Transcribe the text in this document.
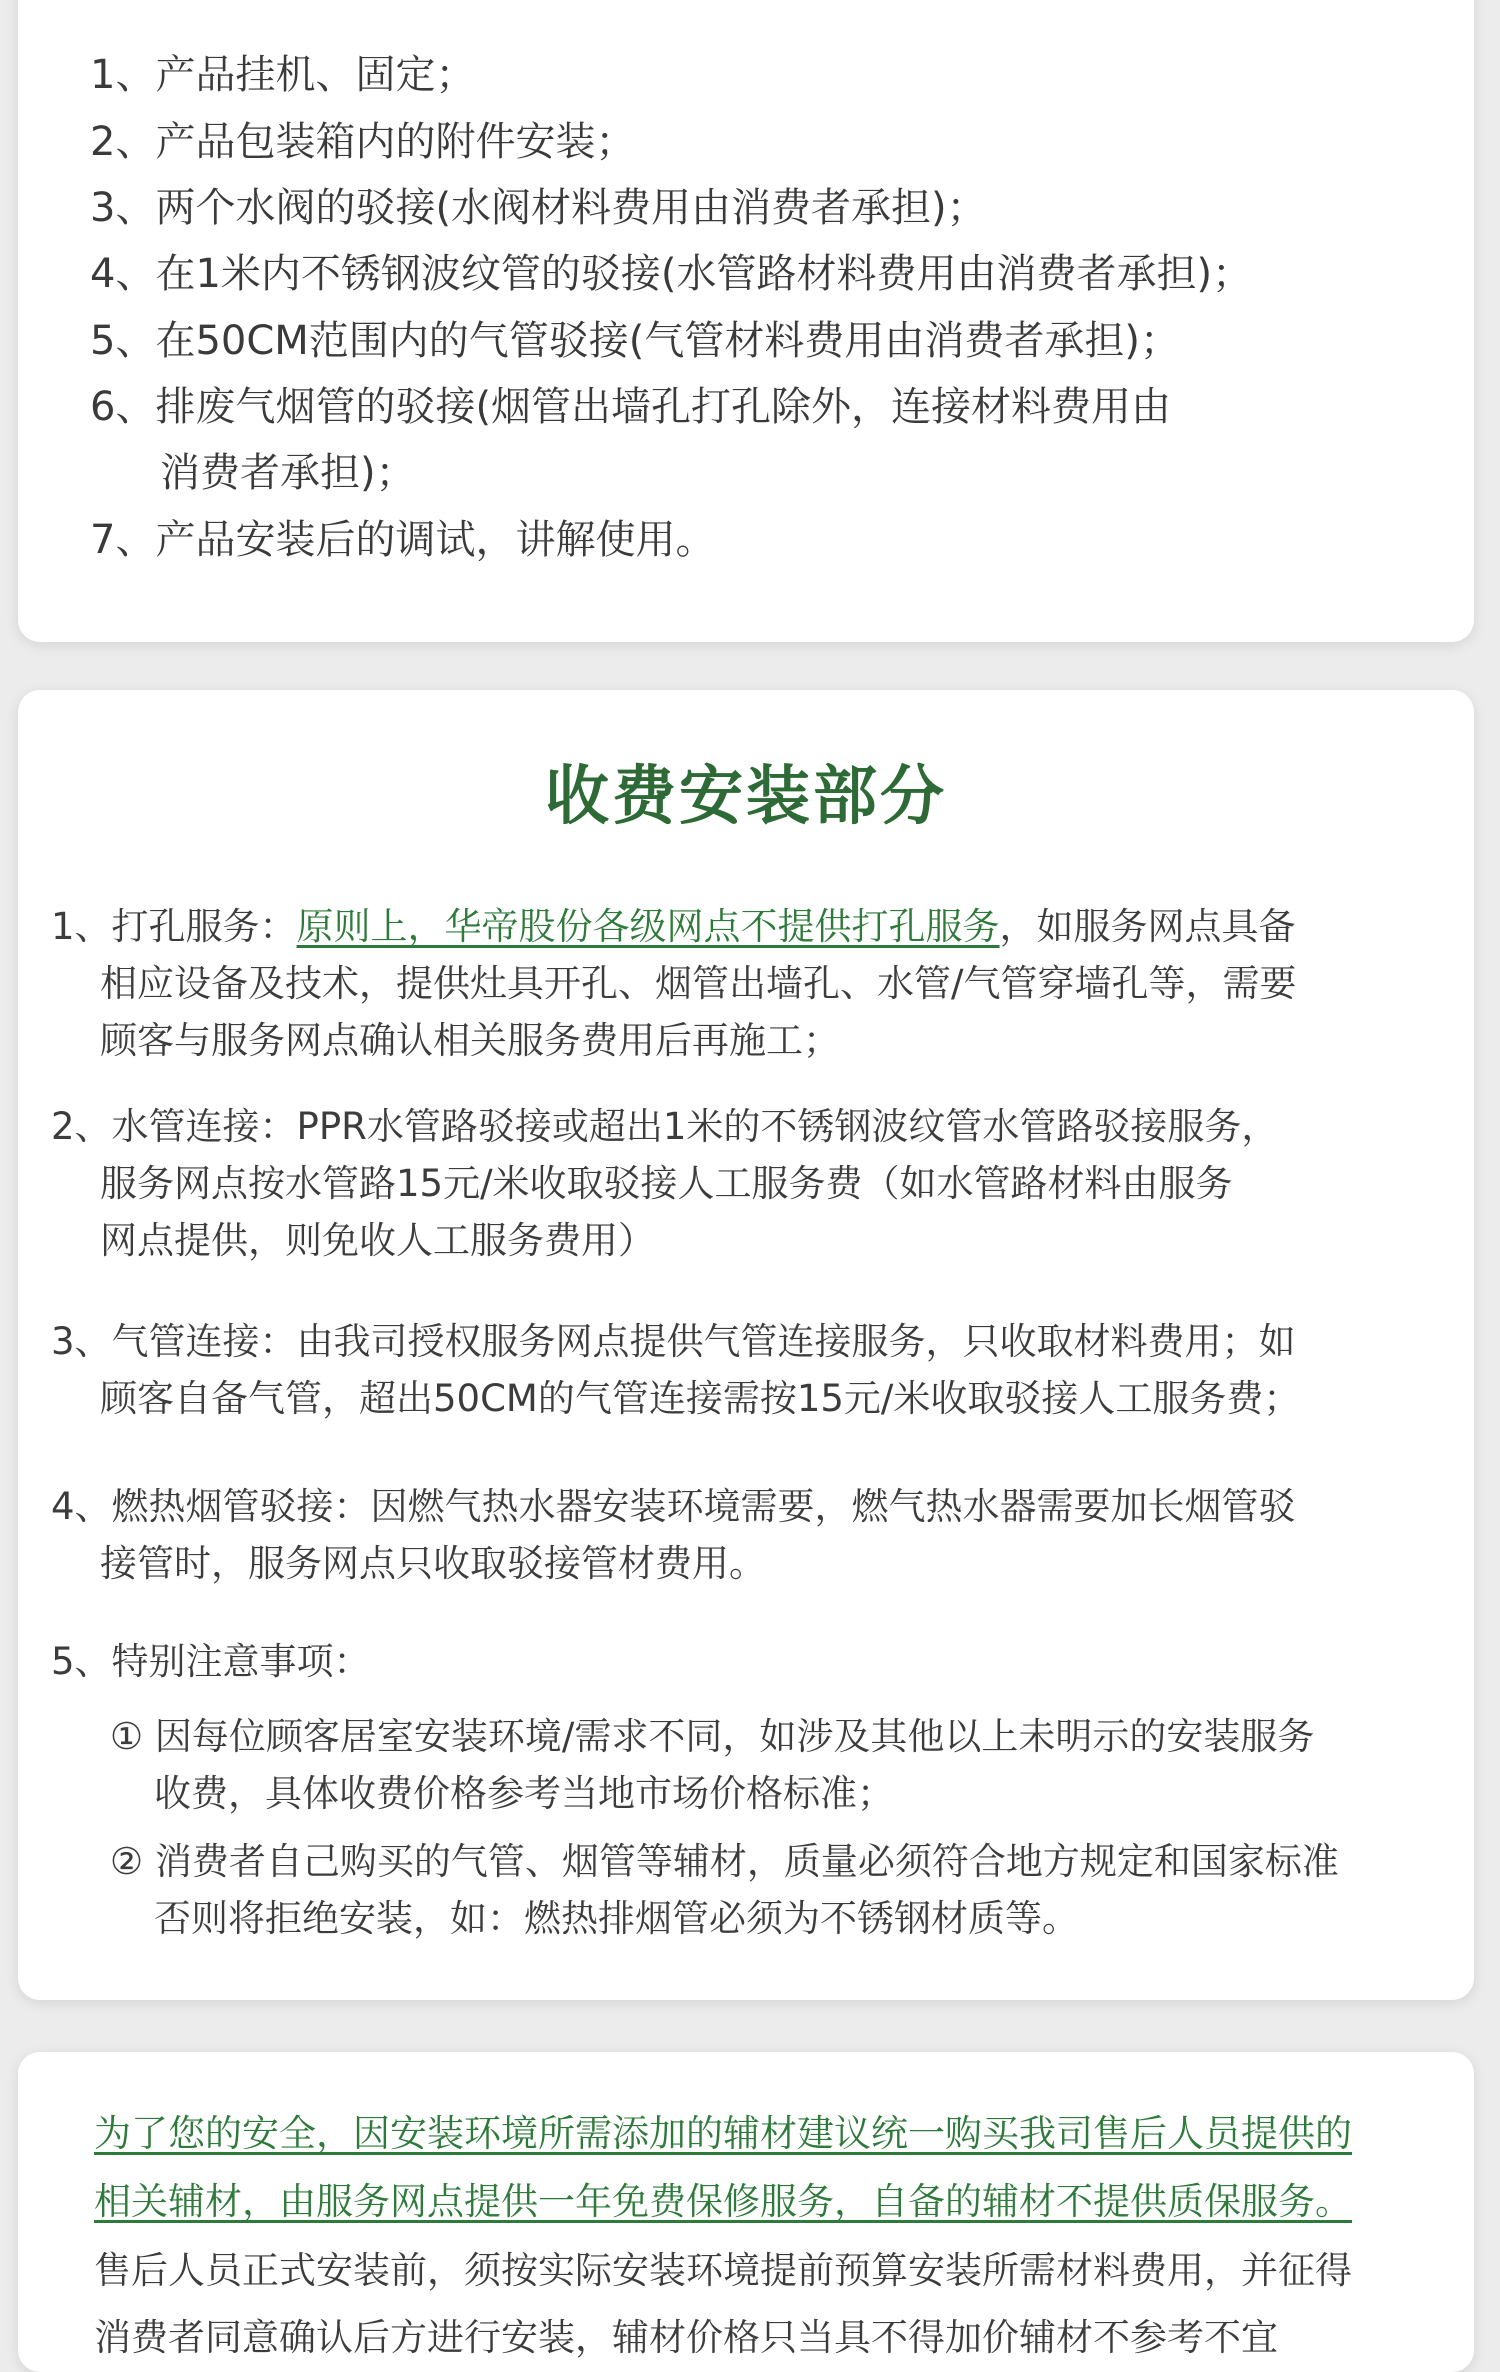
1、产品挂机、固定；
2、产品包装箱内的附件安装；
3、两个水阀的驳接(水阀材料费用由消费者承担)；
4、在1米内不锈钢波纹管的驳接(水管路材料费用由消费者承担)；
5、在50CM范围内的气管驳接(气管材料费用由消费者承担)；
6、排废气烟管的驳接(烟管出墙孔打孔除外，连接材料费用由
消费者承担)；
7、产品安装后的调试，讲解使用。
收费安装部分
1、打孔服务：原则上，华帝股份各级网点不提供打孔服务，如服务网点具备
相应设备及技术，提供灶具开孔、烟管出墙孔、水管/气管穿墙孔等，需要
顾客与服务网点确认相关服务费用后再施工；
2、水管连接：PPR水管路驳接或超出1米的不锈钢波纹管水管路驳接服务，
服务网点按水管路15元/米收取驳接人工服务费（如水管路材料由服务
网点提供，则免收人工服务费用）
3、气管连接：由我司授权服务网点提供气管连接服务，只收取材料费用；如
顾客自备气管，超出50CM的气管连接需按15元/米收取驳接人工服务费；
4、燃热烟管驳接：因燃气热水器安装环境需要，燃气热水器需要加长烟管驳
接管时，服务网点只收取驳接管材费用。
5、特别注意事项：
① 因每位顾客居室安装环境/需求不同，如涉及其他以上未明示的安装服务
收费，具体收费价格参考当地市场价格标准；
② 消费者自己购买的气管、烟管等辅材，质量必须符合地方规定和国家标准
否则将拒绝安装，如：燃热排烟管必须为不锈钢材质等。
为了您的安全，因安装环境所需添加的辅材建议统一购买我司售后人员提供的
相关辅材，由服务网点提供一年免费保修服务，自备的辅材不提供质保服务。
售后人员正式安装前，须按实际安装环境提前预算安装所需材料费用，并征得
消费者同意确认后方进行安装，辅材价格只当具不得加价辅材不参考不宜
